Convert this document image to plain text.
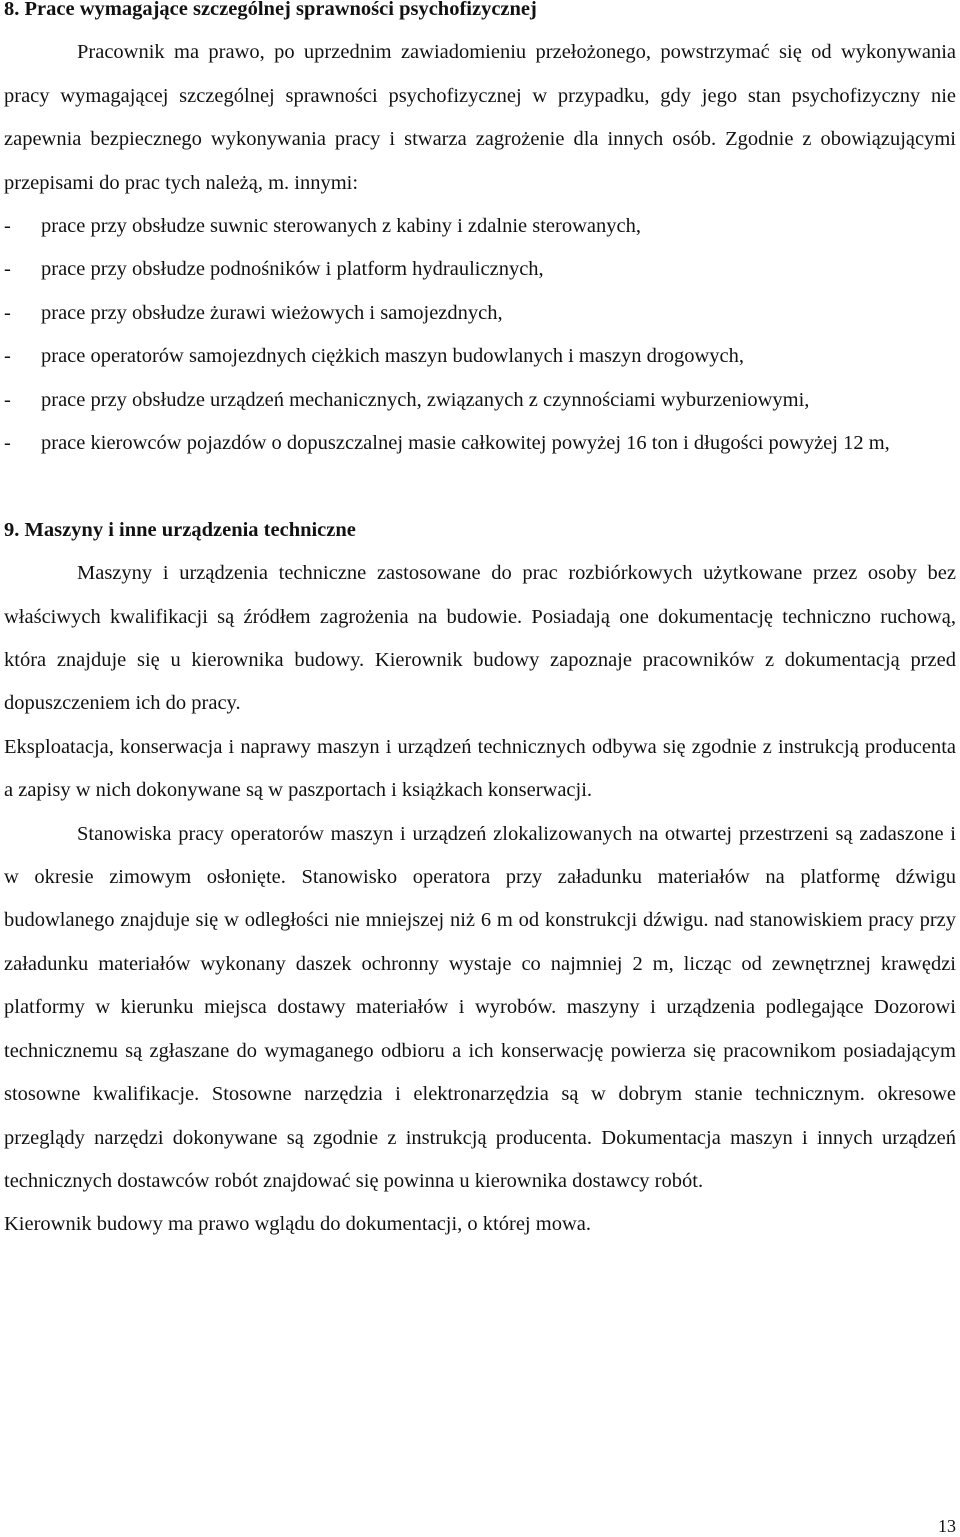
8. Prace wymagające szczególnej sprawności psychofizycznej

Pracownik ma prawo, po uprzednim zawiadomieniu przełożonego, powstrzymać się od wykonywania pracy wymagającej szczególnej sprawności psychofizycznej w przypadku, gdy jego stan psychofizyczny nie zapewnia bezpiecznego wykonywania pracy i stwarza zagrożenie dla innych osób. Zgodnie z obowiązującymi przepisami do prac tych należą, m. innymi:

- prace przy obsłudze suwnic sterowanych z kabiny i zdalnie sterowanych,
- prace przy obsłudze podnośników i platform hydraulicznych,
- prace przy obsłudze żurawi wieżowych i samojezdnych,
- prace operatorów samojezdnych ciężkich maszyn budowlanych i maszyn drogowych,
- prace przy obsłudze urządzeń mechanicznych, związanych z czynnościami wyburzeniowymi,
- prace kierowców pojazdów o dopuszczalnej masie całkowitej powyżej 16 ton i długości powyżej 12 m,
9. Maszyny i inne urządzenia techniczne

Maszyny i urządzenia techniczne zastosowane do prac rozbiórkowych użytkowane przez osoby bez właściwych kwalifikacji są źródłem zagrożenia na budowie. Posiadają one dokumentację techniczno ruchową, która znajduje się u kierownika budowy. Kierownik budowy zapoznaje pracowników z dokumentacją przed dopuszczeniem ich do pracy.

Eksploatacja, konserwacja i naprawy maszyn i urządzeń technicznych odbywa się zgodnie z instrukcją producenta a zapisy w nich dokonywane są w paszportach i książkach konserwacji.

Stanowiska pracy operatorów maszyn i urządzeń zlokalizowanych na otwartej przestrzeni są zadaszone i w okresie zimowym osłonięte. Stanowisko operatora przy załadunku materiałów na platformę dźwigu budowlanego znajduje się w odległości nie mniejszej niż 6 m od konstrukcji dźwigu. nad stanowiskiem pracy przy załadunku materiałów wykonany daszek ochronny wystaje co najmniej 2 m, licząc od zewnętrznej krawędzi platformy w kierunku miejsca dostawy materiałów i wyrobów. maszyny i urządzenia podlegające Dozorowi technicznemu są zgłaszane do wymaganego odbioru a ich konserwację powierza się pracownikom posiadającym stosowne kwalifikacje. Stosowne narzędzia i elektronarzędzia są w dobrym stanie technicznym. okresowe przeglądy narzędzi dokonywane są zgodnie z instrukcją producenta. Dokumentacja maszyn i innych urządzeń technicznych dostawców robót znajdować się powinna u kierownika dostawcy robót.

Kierownik budowy ma prawo wglądu do dokumentacji, o której mowa.

13
